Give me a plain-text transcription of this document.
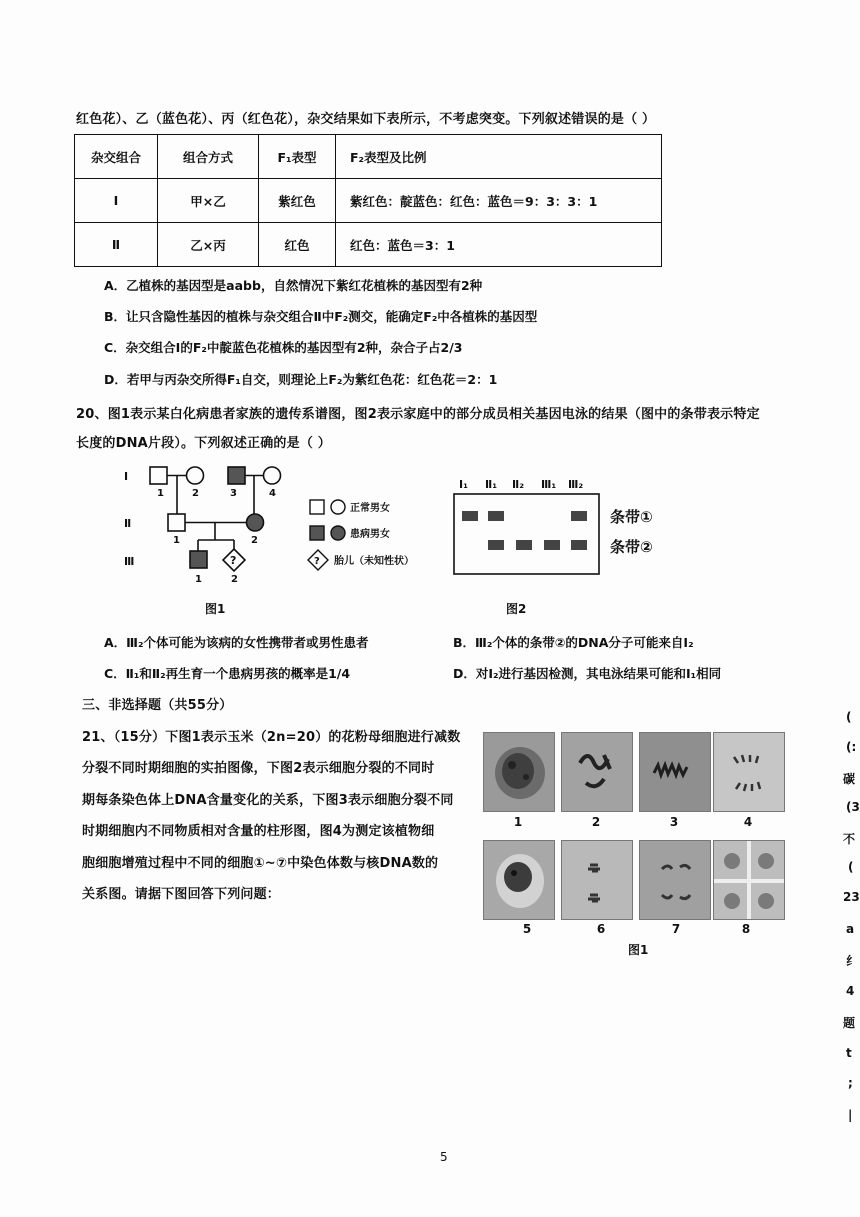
红色花）、乙（蓝色花）、丙（红色花），杂交结果如下表所示，不考虑突变。下列叙述错误的是（ ）
杂交组合	组合方式	F₁表型	F₂表型及比例
Ⅰ	甲×乙	紫红色	紫红色：靛蓝色：红色：蓝色＝9：3：3：1
Ⅱ	乙×丙	红色	红色：蓝色＝3：1
A．乙植株的基因型是aabb，自然情况下紫红花植株的基因型有2种
B．让只含隐性基因的植株与杂交组合Ⅱ中F₂测交，能确定F₂中各植株的基因型
C．杂交组合Ⅰ的F₂中靛蓝色花植株的基因型有2种，杂合子占2/3
D．若甲与丙杂交所得F₁自交，则理论上F₂为紫红色花：红色花＝2：1
20、图1表示某白化病患者家族的遗传系谱图，图2表示家庭中的部分成员相关基因电泳的结果（图中的条带表示特定
长度的DNA片段）。下列叙述正确的是（ ）
Ⅰ
Ⅱ
Ⅲ
1	2	3	4
1	2
1	2
?	?
正常男女
患病男女
胎儿（未知性状）
图1
Ⅰ₁ Ⅱ₁ Ⅱ₂ Ⅲ₁ Ⅲ₂
条带①
条带②
图2
A．Ⅲ₂个体可能为该病的女性携带者或男性患者	B．Ⅲ₂个体的条带②的DNA分子可能来自Ⅰ₂
C．Ⅱ₁和Ⅱ₂再生育一个患病男孩的概率是1/4	D．对Ⅰ₂进行基因检测，其电泳结果可能和Ⅰ₁相同
三、非选择题（共55分）
21、（15分）下图1表示玉米（2n=20）的花粉母细胞进行减数
分裂不同时期细胞的实拍图像，下图2表示细胞分裂的不同时
期每条染色体上DNA含量变化的关系，下图3表示细胞分裂不同
时期细胞内不同物质相对含量的柱形图，图4为测定该植物细
胞细胞增殖过程中不同的细胞①~⑦中染色体数与核DNA数的
关系图。请据下图回答下列问题：
1	2	3	4
5	6	7	8
图1
(
(:
碳
(3
不
(
23
a
纟
4
题
t
;
|
5
